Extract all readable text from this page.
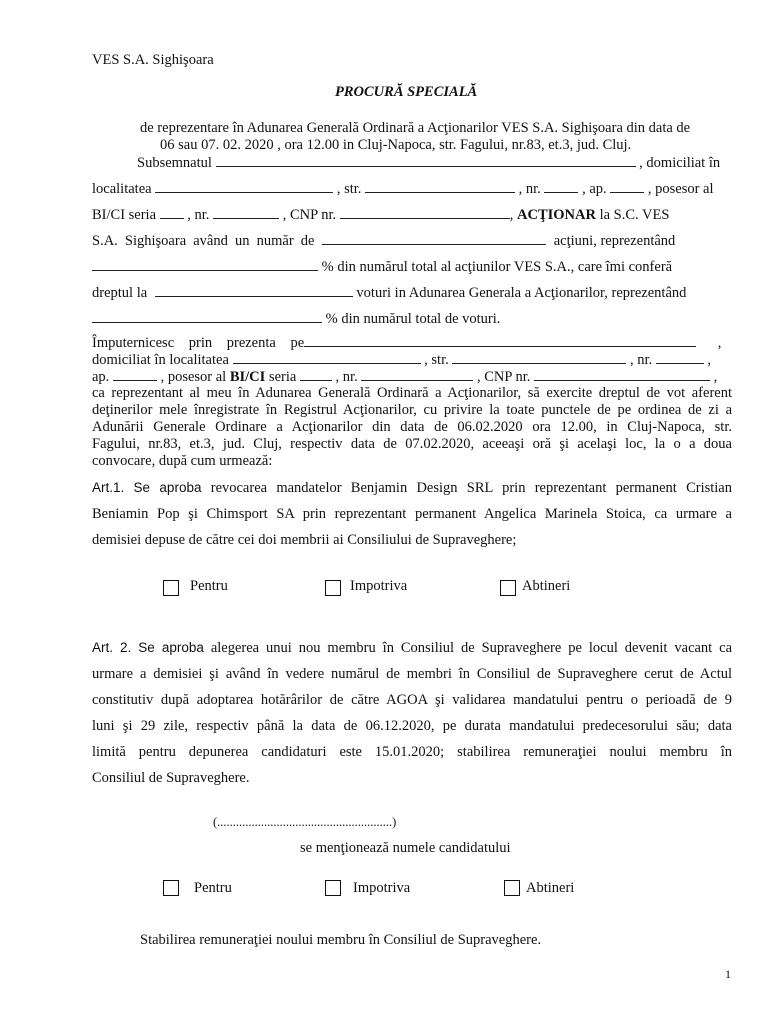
VES S.A. Sighişoara
PROCURĂ SPECIALĂ
de reprezentare în Adunarea Generală Ordinară a Acţionarilor VES S.A. Sighişoara din data de
06 sau 07. 02. 2020 , ora 12.00 in Cluj-Napoca, str. Fagului, nr.83, et.3, jud. Cluj.
Subsemnatul	, domiciliat în
localitatea	, str.	, nr.	, ap.	, posesor al
BI/CI seria , nr.	, CNP nr.	, ACŢIONAR la S.C. VES
S.A. Sighişoara având un număr de	acţiuni, reprezentând
% din numărul total al acţiunilor VES S.A., care îmi conferă
dreptul la	voturi in Adunarea Generala a Acţionarilor, reprezentând
% din numărul total de voturi.
Împuternicesc prin prezenta pe	,
domiciliat în localitatea	, str.	, nr.	,
ap.	, posesor al BI/CI seria	, nr.	, CNP nr.	,
ca reprezentant al meu în Adunarea Generală Ordinară a Acţionarilor, să exercite dreptul de vot aferent
deţinerilor mele înregistrate în Registrul Acţionarilor, cu privire la toate punctele de pe ordinea de zi a
Adunării Generale Ordinare a Acţionarilor din data de 06.02.2020 ora 12.00, in Cluj-Napoca, str.
Fagului, nr.83, et.3, jud. Cluj, respectiv data de 07.02.2020, aceeaşi oră şi acelaşi loc, la o a doua
convocare, după cum urmează:
Art.1. Se aproba revocarea mandatelor Benjamin Design SRL prin reprezentant permanent Cristian
Beniamin Pop şi Chimsport SA prin reprezentant permanent Angelica Marinela Stoica, ca urmare a
demisiei depuse de către cei doi membrii ai Consiliului de Supraveghere;
Pentru	Impotriva	Abtineri
Art. 2. Se aproba alegerea unui nou membru în Consiliul de Supraveghere pe locul devenit vacant ca
urmare a demisiei şi având în vedere numărul de membri în Consiliul de Supraveghere cerut de Actul
constitutiv după adoptarea hotărârilor de către AGOA şi validarea mandatului pentru o perioadă de 9
luni şi 29 zile, respectiv până la data de 06.12.2020, pe durata mandatului predecesorului său; data
limită pentru depunerea candidaturi este 15.01.2020; stabilirea remuneraţiei noului membru în
Consiliul de Supraveghere.
(........................................................)
se menţionează numele candidatului
Pentru	Impotriva	Abtineri
Stabilirea remuneraţiei noului membru în Consiliul de Supraveghere.
1
